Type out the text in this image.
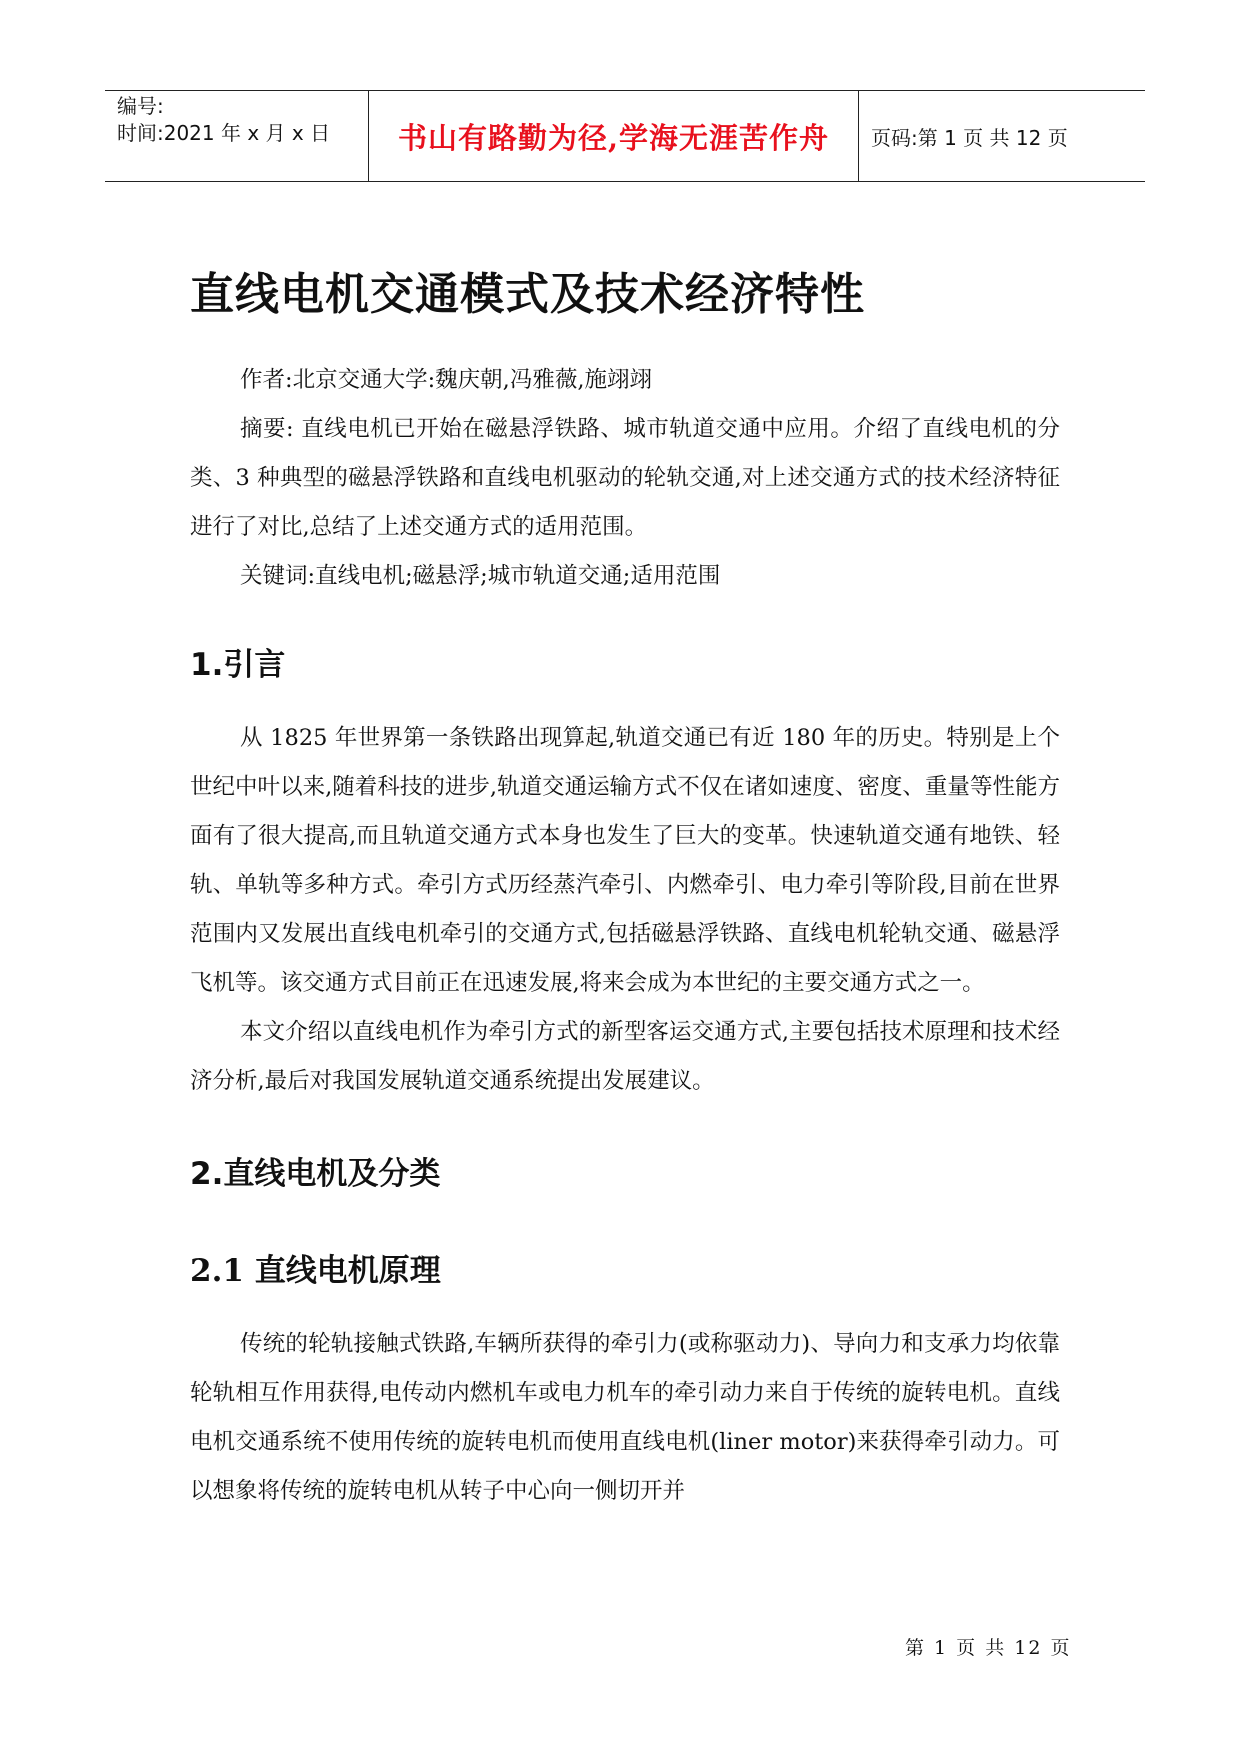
编号:
时间:2021 年 x 月 x 日	书山有路勤为径,学海无涯苦作舟	页码:第 1 页 共 12 页
直线电机交通模式及技术经济特性

作者:北京交通大学:魏庆朝,冯雅薇,施翊翊

摘要: 直线电机已开始在磁悬浮铁路、城市轨道交通中应用。介绍了直线电机的分类、3 种典型的磁悬浮铁路和直线电机驱动的轮轨交通,对上述交通方式的技术经济特征进行了对比,总结了上述交通方式的适用范围。

关键词:直线电机;磁悬浮;城市轨道交通;适用范围

1.引言

从 1825 年世界第一条铁路出现算起,轨道交通已有近 180 年的历史。特别是上个世纪中叶以来,随着科技的进步,轨道交通运输方式不仅在诸如速度、密度、重量等性能方面有了很大提高,而且轨道交通方式本身也发生了巨大的变革。快速轨道交通有地铁、轻轨、单轨等多种方式。牵引方式历经蒸汽牵引、内燃牵引、电力牵引等阶段,目前在世界范围内又发展出直线电机牵引的交通方式,包括磁悬浮铁路、直线电机轮轨交通、磁悬浮飞机等。该交通方式目前正在迅速发展,将来会成为本世纪的主要交通方式之一。

本文介绍以直线电机作为牵引方式的新型客运交通方式,主要包括技术原理和技术经济分析,最后对我国发展轨道交通系统提出发展建议。

2.直线电机及分类
2.1 直线电机原理

传统的轮轨接触式铁路,车辆所获得的牵引力(或称驱动力)、导向力和支承力均依靠轮轨相互作用获得,电传动内燃机车或电力机车的牵引动力来自于传统的旋转电机。直线电机交通系统不使用传统的旋转电机而使用直线电机(liner motor)来获得牵引动力。可以想象将传统的旋转电机从转子中心向一侧切开并

第 1 页 共 12 页
